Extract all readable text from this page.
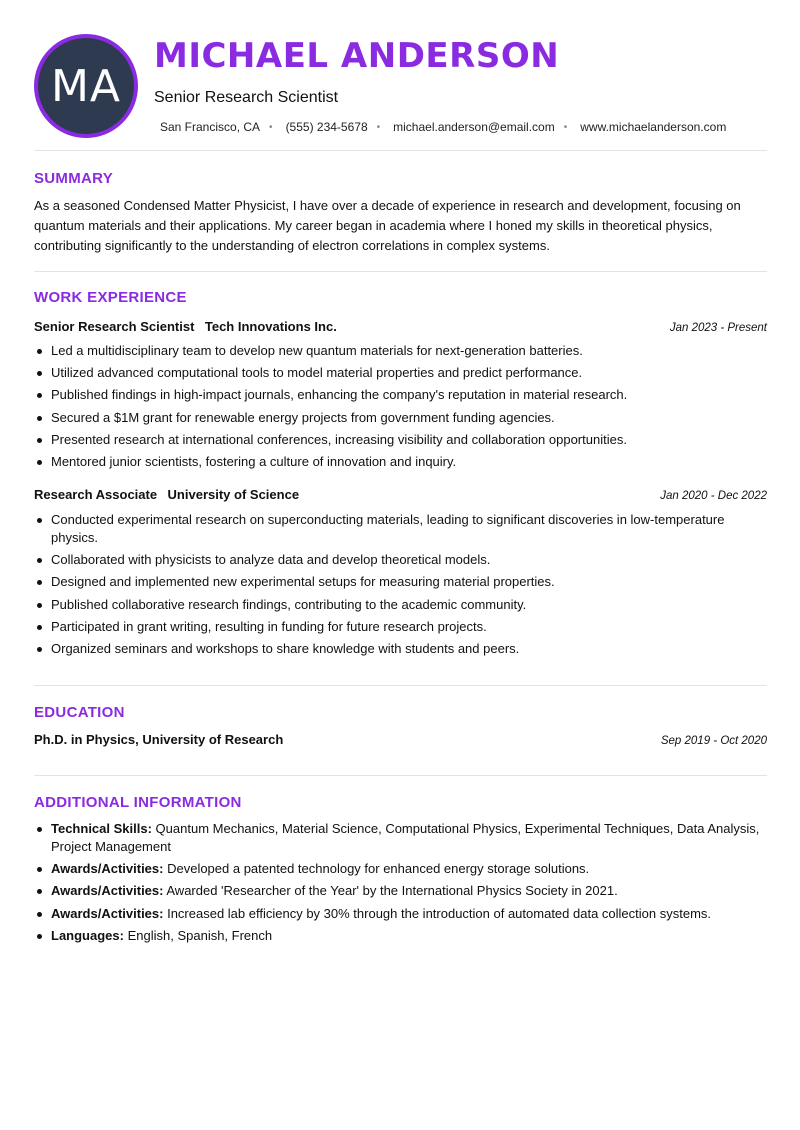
MA
MICHAEL ANDERSON
Senior Research Scientist
San Francisco, CA • (555) 234-5678 • michael.anderson@email.com • www.michaelanderson.com
SUMMARY
As a seasoned Condensed Matter Physicist, I have over a decade of experience in research and development, focusing on quantum materials and their applications. My career began in academia where I honed my skills in theoretical physics, contributing significantly to the understanding of electron correlations in complex systems.
WORK EXPERIENCE
Senior Research Scientist Tech Innovations Inc.	Jan 2023 - Present
Led a multidisciplinary team to develop new quantum materials for next-generation batteries.
Utilized advanced computational tools to model material properties and predict performance.
Published findings in high-impact journals, enhancing the company's reputation in material research.
Secured a $1M grant for renewable energy projects from government funding agencies.
Presented research at international conferences, increasing visibility and collaboration opportunities.
Mentored junior scientists, fostering a culture of innovation and inquiry.
Research Associate University of Science	Jan 2020 - Dec 2022
Conducted experimental research on superconducting materials, leading to significant discoveries in low-temperature physics.
Collaborated with physicists to analyze data and develop theoretical models.
Designed and implemented new experimental setups for measuring material properties.
Published collaborative research findings, contributing to the academic community.
Participated in grant writing, resulting in funding for future research projects.
Organized seminars and workshops to share knowledge with students and peers.
EDUCATION
Ph.D. in Physics, University of Research	Sep 2019 - Oct 2020
ADDITIONAL INFORMATION
Technical Skills: Quantum Mechanics, Material Science, Computational Physics, Experimental Techniques, Data Analysis, Project Management
Awards/Activities: Developed a patented technology for enhanced energy storage solutions.
Awards/Activities: Awarded 'Researcher of the Year' by the International Physics Society in 2021.
Awards/Activities: Increased lab efficiency by 30% through the introduction of automated data collection systems.
Languages: English, Spanish, French
